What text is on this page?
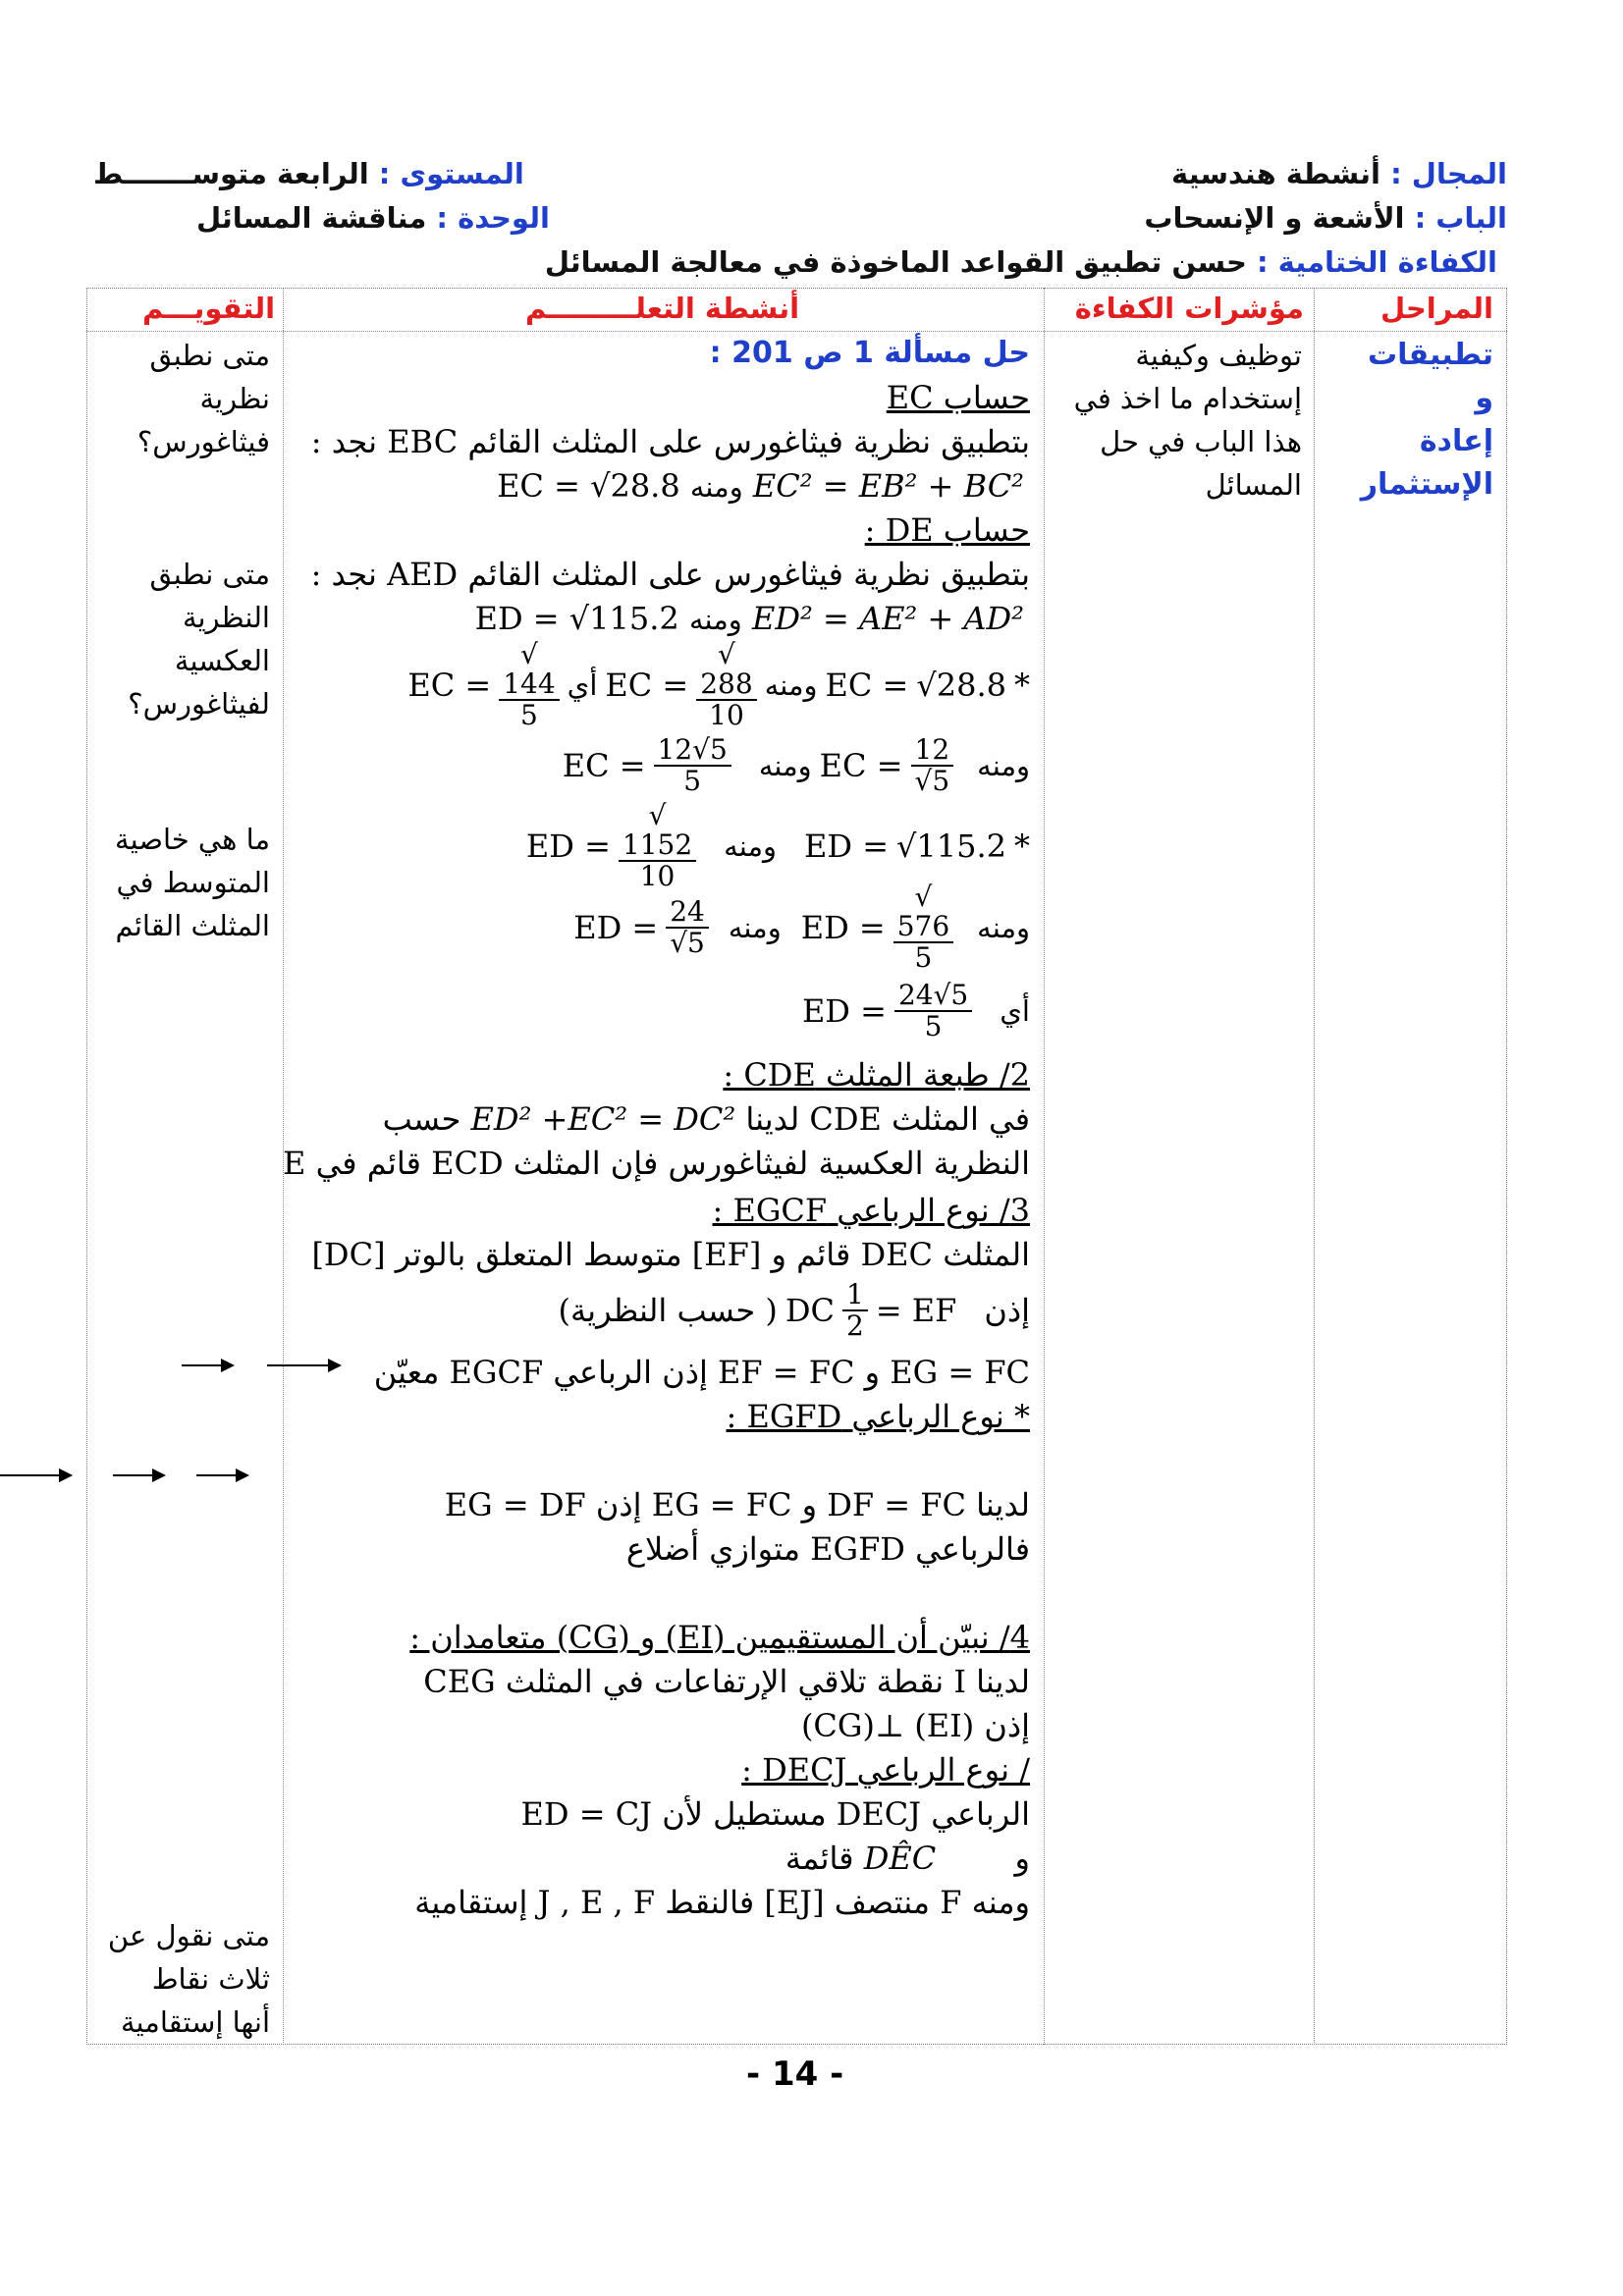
المجال : أنشطة هندسية
الباب : الأشعة و الإنسحاب
الكفاءة الختامية : حسن تطبيق القواعد الماخوذة في معالجة المسائل
المستوى : الرابعة متوســـــــط
الوحدة : مناقشة المسائل
المراحل
مؤشرات الكفاءة
أنشطة التعلـــــــــم
التقويـــم
تطبيقات و
إعادة
الإستثمار
توظيف وكيفية
إستخدام ما اخذ في
هذا الباب في حل
المسائل
متى نطبق
نظرية
فيثاغورس؟
متى نطبق
النظرية
العكسية
لفيثاغورس؟
ما هي خاصية
المتوسط في
المثلث القائم
متى نقول عن
ثلاث نقاط
أنها إستقامية
حل مسألة 1 ص 201 :
حساب EC
بتطبيق نظرية فيثاغورس على المثلث القائم EBC نجد :
EC = √28.8 ومنه EC² = EB² + BC²
حساب DE :
بتطبيق نظرية فيثاغورس على المثلث القائم AED نجد :
ED = √115.2 ومنه ED² = AE² + AD²
EC =
√
144
5
أي EC =
√
288
10
ومنه EC = √28.8 *
EC = $\frac{12√5}{5}$ ومنه EC = $\frac{12}{√5}$ ومنه
ED =
√
1152
10
ومنه ED = √115.2 *
ED = $\frac{24}{√5}$ ومنه ED =
√
576
5
ومنه
ED = $\frac{24√5}{5}$ أي
2/ طبعة المثلث CDE :
في المثلث CDE لدينا ED² +EC² = DC² حسب
النظرية العكسية لفيثاغورس فإن المثلث ECD قائم في E
3/ نوع الرباعي EGCF :
المثلث DEC قائم و [EF] متوسط المتعلق بالوتر [DC]
( حسب النظرية) DC $\frac{1}{2}$ EF = إذن
EG = FC و EF = FC إذن الرباعي EGCF معيّن
* نوع الرباعي EGFD :
لدينا DF = FC و EG = FC إذن EG = DF
فالرباعي EGFD متوازي أضلاع
4/ نبيّن أن المستقيمين (EI) و (CG) متعامدان :
لدينا I نقطة تلاقي الإرتفاعات في المثلث CEG
إذن (EI) ⊥(CG)
/ نوع الرباعي DECJ :
الرباعي DECJ مستطيل لأن ED = CJ
و  DÊC قائمة
ومنه F منتصف [EJ] فالنقط J , E , F إستقامية
- 14 -
